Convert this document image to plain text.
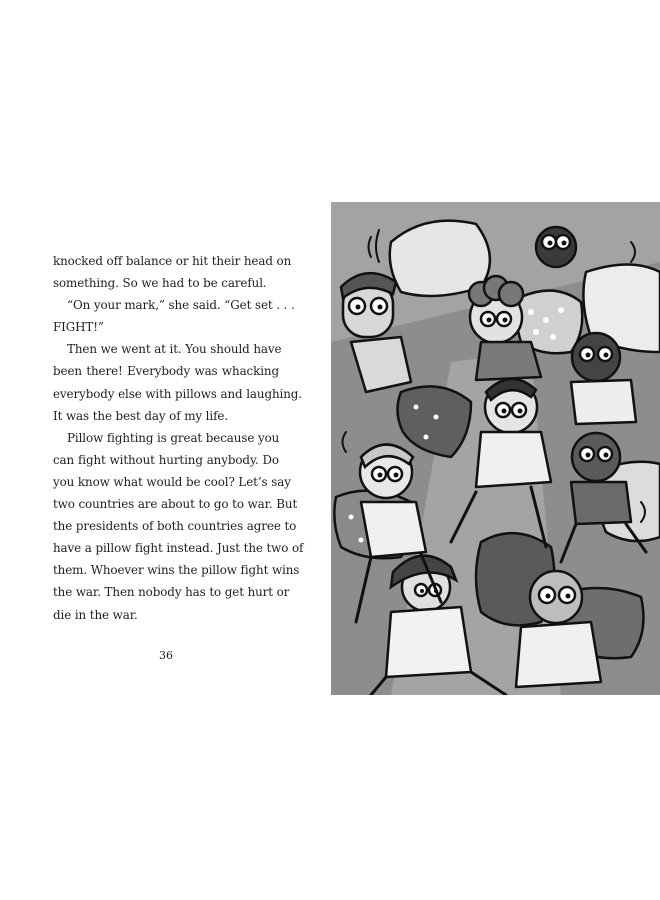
knocked off balance or hit their head on
something. So we had to be careful.
“On your mark,” she said. “Get set . . .
FIGHT!”
Then we went at it. You should have
been there! Everybody was whacking
everybody else with pillows and laughing.
It was the best day of my life.
Pillow fighting is great because you
can fight without hurting anybody. Do
you know what would be cool? Let’s say
two countries are about to go to war. But
the presidents of both countries agree to
have a pillow fight instead. Just the two of
them. Whoever wins the pillow fight wins
the war. Then nobody has to get hurt or
die in the war.
36
